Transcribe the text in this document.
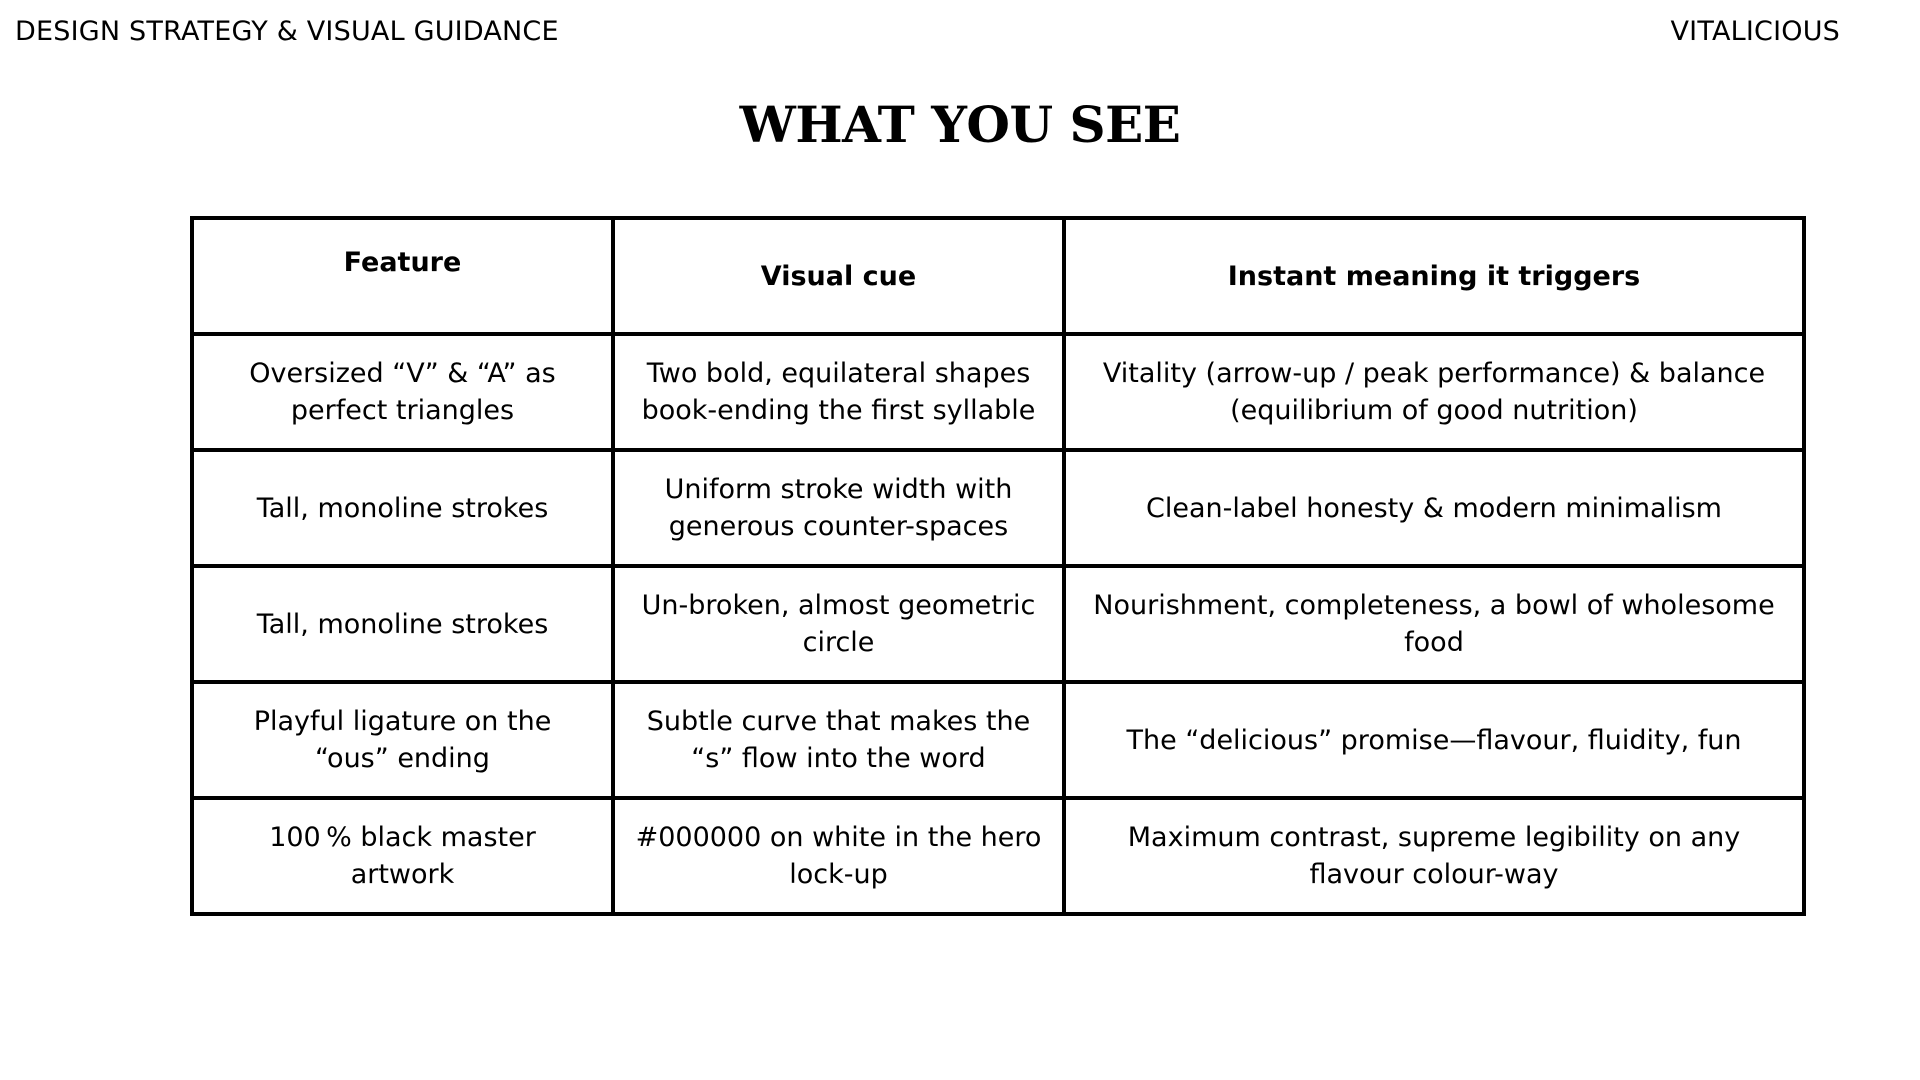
DESIGN STRATEGY & VISUAL GUIDANCE	VITALICIOUS
WHAT YOU SEE
Feature	Visual cue	Instant meaning it triggers
Oversized “V” & “A” as perfect triangles	Two bold, equilateral shapes book-ending the first syllable	Vitality (arrow-up / peak performance) & balance (equilibrium of good nutrition)
Tall, monoline strokes	Uniform stroke width with generous counter-spaces	Clean-label honesty & modern minimalism
Tall, monoline strokes	Un-broken, almost geometric circle	Nourishment, completeness, a bowl of wholesome food
Playful ligature on the “ous” ending	Subtle curve that makes the “s” flow into the word	The “delicious” promise—flavour, fluidity, fun
100 % black master artwork	#000000 on white in the hero lock-up	Maximum contrast, supreme legibility on any flavour colour-way
